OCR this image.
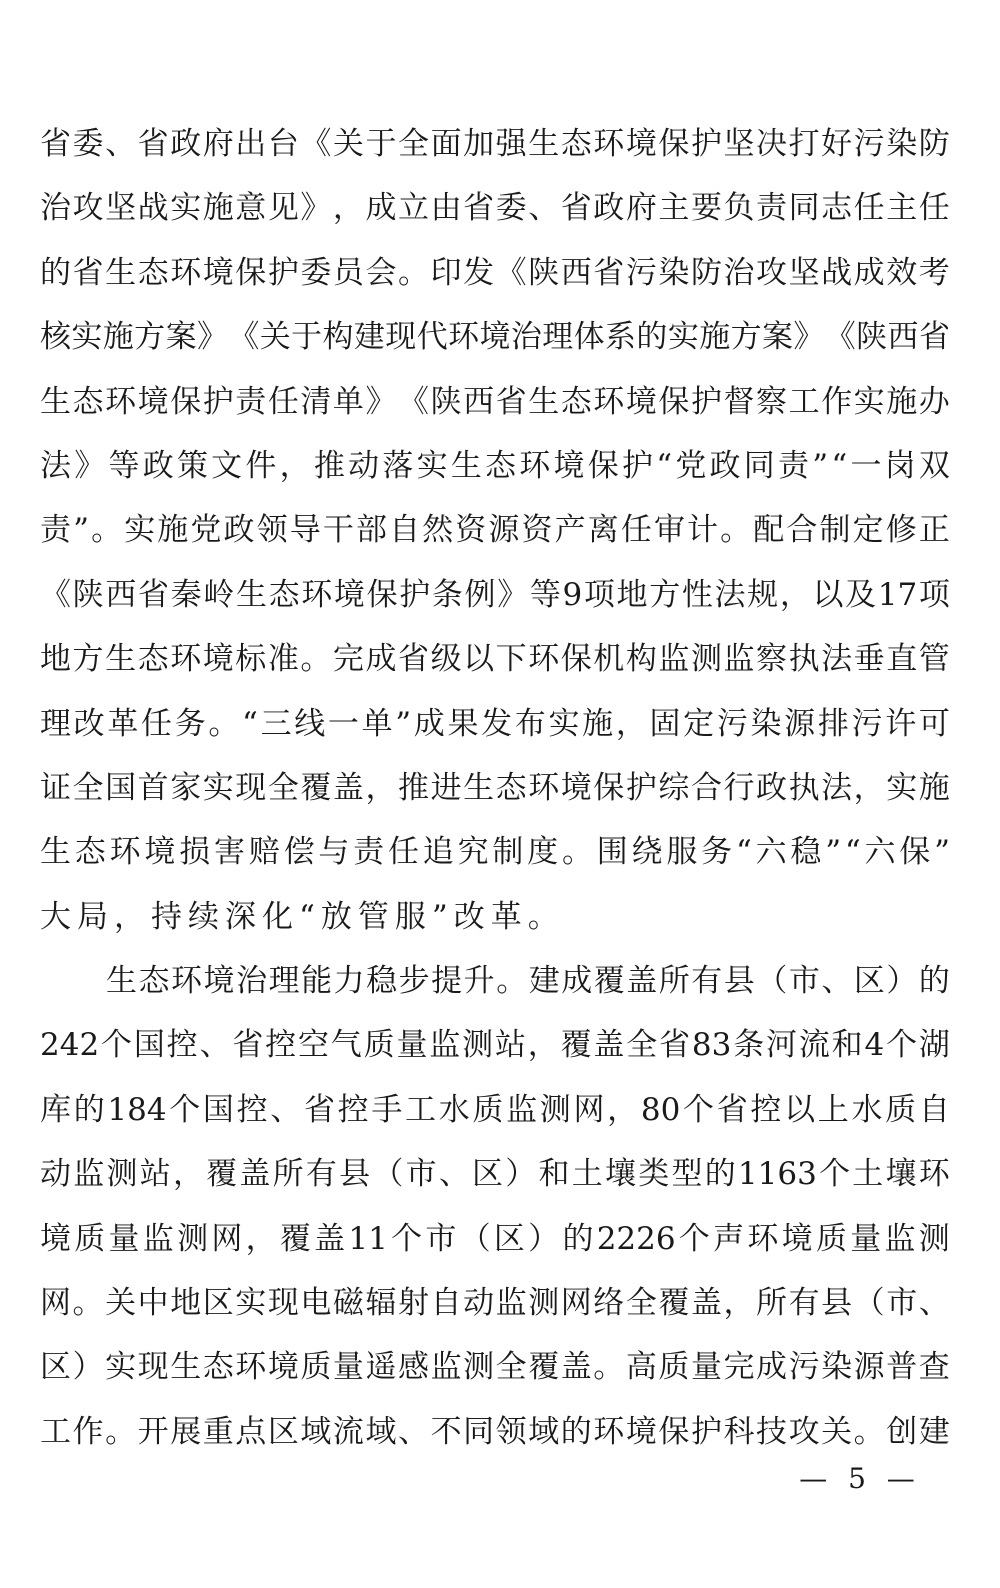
省 委 、 省 政 府 出 台 《 关 于 全 面 加 强 生 态 环 境 保 护 坚 决 打 好 污 染 防
治 攻 坚 战 实 施 意 见 》 ， 成 立 由 省 委 、 省 政 府 主 要 负 责 同 志 任 主 任
的 省 生 态 环 境 保 护 委 员 会 。 印 发 《 陕 西 省 污 染 防 治 攻 坚 战 成 效 考
核 实 施 方 案 》 《 关 于 构 建 现 代 环 境 治 理 体 系 的 实 施 方 案 》 《 陕 西 省
生 态 环 境 保 护 责 任 清 单 》 《 陕 西 省 生 态 环 境 保 护 督 察 工 作 实 施 办
法 》 等 政 策 文 件 ， 推 动 落 实 生 态 环 境 保 护 “ 党 政 同 责 ” “ 一 岗 双
责 ” 。 实 施 党 政 领 导 干 部 自 然 资 源 资 产 离 任 审 计 。 配 合 制 定 修 正
《 陕 西 省 秦 岭 生 态 环 境 保 护 条 例 》 等 9 项 地 方 性 法 规 ， 以 及 17 项
地 方 生 态 环 境 标 准 。 完 成 省 级 以 下 环 保 机 构 监 测 监 察 执 法 垂 直 管
理 改 革 任 务 。 “ 三 线 一 单 ” 成 果 发 布 实 施 ， 固 定 污 染 源 排 污 许 可
证 全 国 首 家 实 现 全 覆 盖 ， 推 进 生 态 环 境 保 护 综 合 行 政 执 法 ， 实 施
生 态 环 境 损 害 赔 偿 与 责 任 追 究 制 度 。 围 绕 服 务 “ 六 稳 ” “ 六 保 ”
大 局 ， 持 续 深 化 “ 放 管 服 ” 改 革 。
生 态 环 境 治 理 能 力 稳 步 提 升 。 建 成 覆 盖 所 有 县 （ 市 、 区 ） 的
242 个 国 控 、 省 控 空 气 质 量 监 测 站 ， 覆 盖 全 省 83 条 河 流 和 4 个 湖
库 的 184 个 国 控 、 省 控 手 工 水 质 监 测 网 ， 80 个 省 控 以 上 水 质 自
动 监 测 站 ， 覆 盖 所 有 县 （ 市 、 区 ） 和 土 壤 类 型 的 1163 个 土 壤 环
境 质 量 监 测 网 ， 覆 盖 11 个 市 （ 区 ） 的 2226 个 声 环 境 质 量 监 测
网 。 关 中 地 区 实 现 电 磁 辐 射 自 动 监 测 网 络 全 覆 盖 ， 所 有 县 （ 市 、
区 ） 实 现 生 态 环 境 质 量 遥 感 监 测 全 覆 盖 。 高 质 量 完 成 污 染 源 普 查
工 作 。 开 展 重 点 区 域 流 域 、 不 同 领 域 的 环 境 保 护 科 技 攻 关 。 创 建
— 5 —
